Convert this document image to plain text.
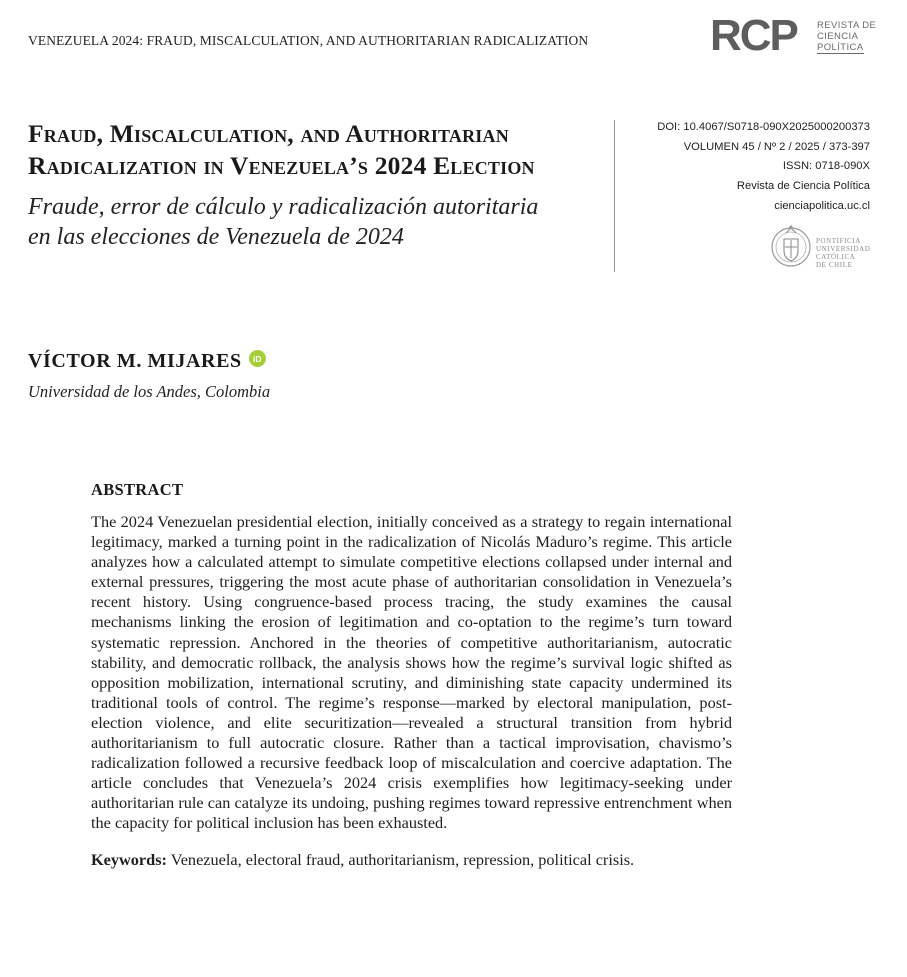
VENEZUELA 2024: FRAUD, MISCALCULATION, AND AUTHORITARIAN RADICALIZATION	RCP REVISTA DE
CIENCIA
POLÍTICA
Fraud, Miscalculation, and Authoritarian
Radicalization in Venezuela’s 2024 Election

Fraude, error de cálculo y radicalización autoritaria
en las elecciones de Venezuela de 2024

DOI: 10.4067/S0718-090X2025000200373
VOLUMEN 45 / Nº 2 / 2025 / 373-397
ISSN: 0718-090X
Revista de Ciencia Política
cienciapolitica.uc.cl
PONTIFICIA
UNIVERSIDAD
CATÓLICA
DE CHILE
VÍCTOR M. MIJARES	iD
Universidad de los Andes, Colombia
ABSTRACT

The 2024 Venezuelan presidential election, initially conceived as a strategy to regain international legitimacy, marked a turning point in the radicalization of Nicolás Maduro’s regime. This article analyzes how a calculated attempt to simulate competitive elections collapsed under internal and external pressures, triggering the most acute phase of authoritarian consolidation in Venezuela’s recent history. Using congruence-based process tracing, the study examines the causal mechanisms linking the erosion of legitimation and co-optation to the regime’s turn toward systematic repression. Anchored in the theories of competitive authoritarianism, autocratic stability, and democratic rollback, the analysis shows how the regime’s survival logic shifted as opposition mobilization, international scrutiny, and diminishing state capacity undermined its traditional tools of control. The regime’s response—marked by electoral manipulation, post-election violence, and elite securitization—revealed a structural transition from hybrid authoritarianism to full autocratic closure. Rather than a tactical improvisation, chavismo’s radicalization followed a recursive feedback loop of miscalculation and coercive adaptation. The article concludes that Venezuela’s 2024 crisis exemplifies how legitimacy-seeking under authoritarian rule can catalyze its undoing, pushing regimes toward repressive entrenchment when the capacity for political inclusion has been exhausted.

Keywords: Venezuela, electoral fraud, authoritarianism, repression, political crisis.
